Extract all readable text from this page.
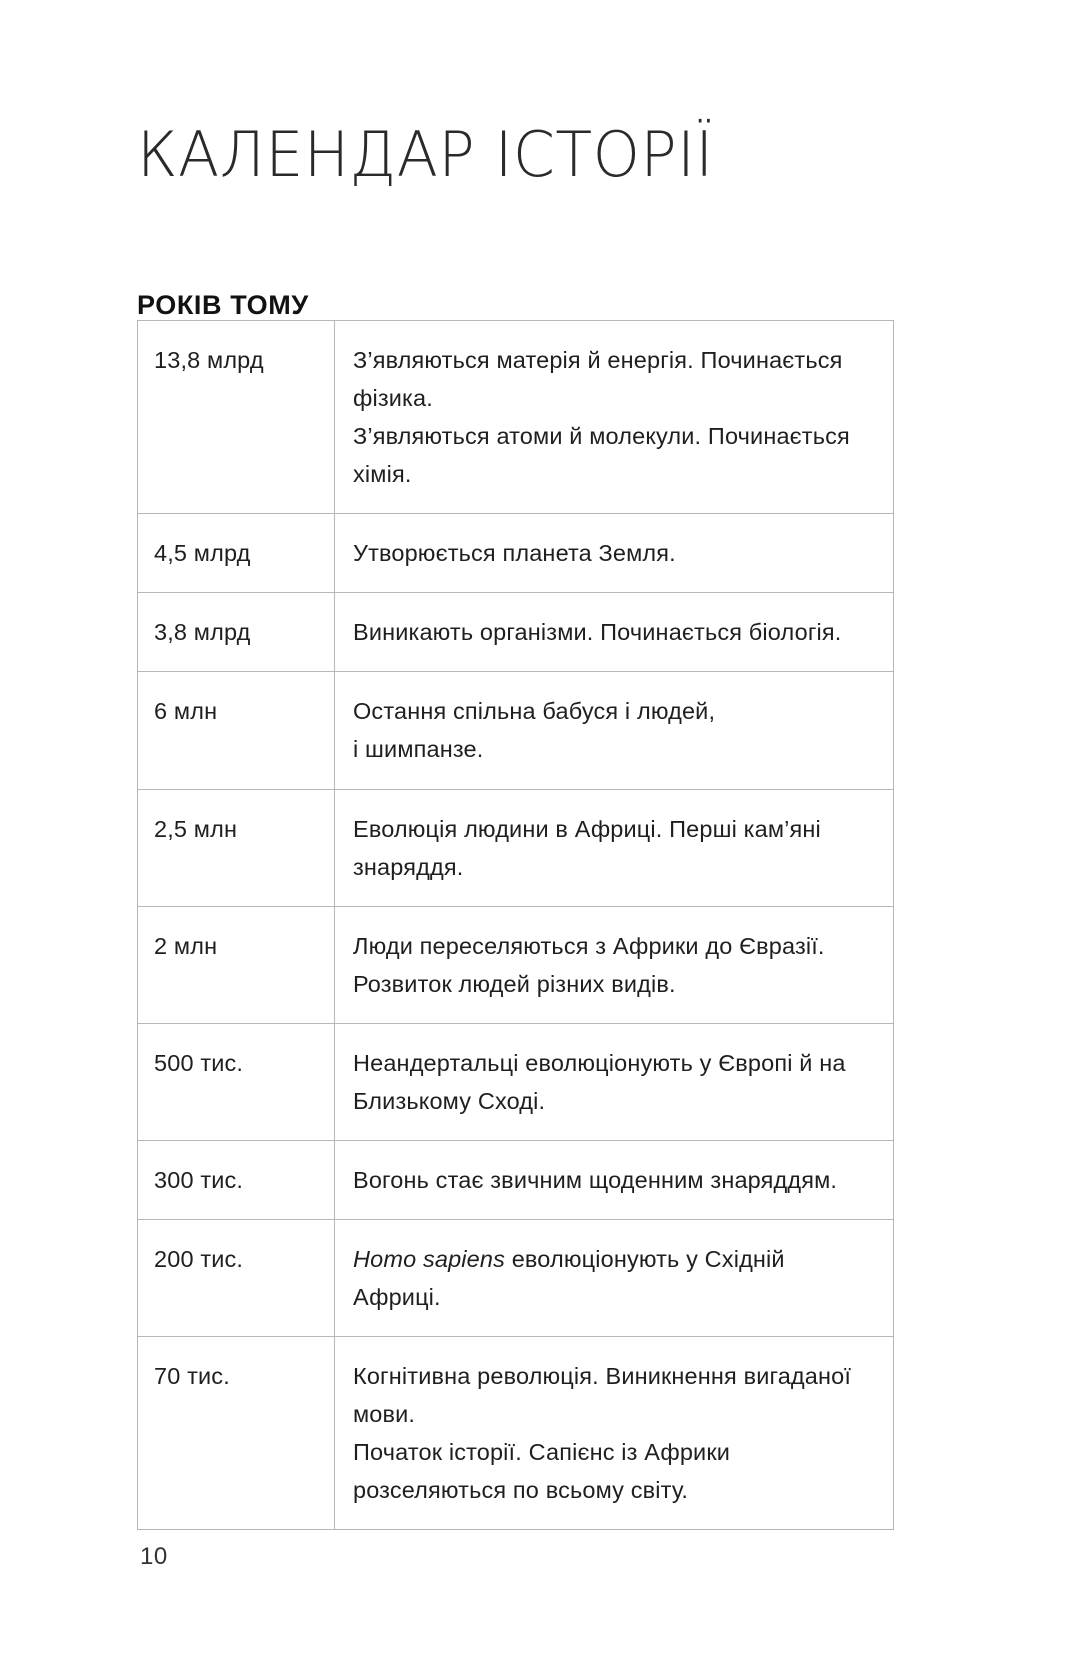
КАЛЕНДАР ІСТОРІЇ
РОКІВ ТОМУ
13,8 млрд	З’являються матерія й енергія. Починається
фізика.
З’являються атоми й молекули. Починається
хімія.

4,5 млрд	Утворюється планета Земля.

3,8 млрд	Виникають організми. Починається біологія.

6 млн	Остання спільна бабуся і людей,
і шимпанзе.

2,5 млн	Еволюція людини в Африці. Перші кам’яні
знаряддя.

2 млн	Люди переселяються з Африки до Євразії.
Розвиток людей різних видів.

500 тис.	Неандертальці еволюціонують у Європі й на
Близькому Сході.

300 тис.	Вогонь стає звичним щоденним знаряддям.

200 тис.	Homo sapiens еволюціонують у Східній
Африці.

70 тис.	Когнітивна революція. Виникнення вигаданої
мови.
Початок історії. Сапієнс із Африки
розселяються по всьому світу.
10
